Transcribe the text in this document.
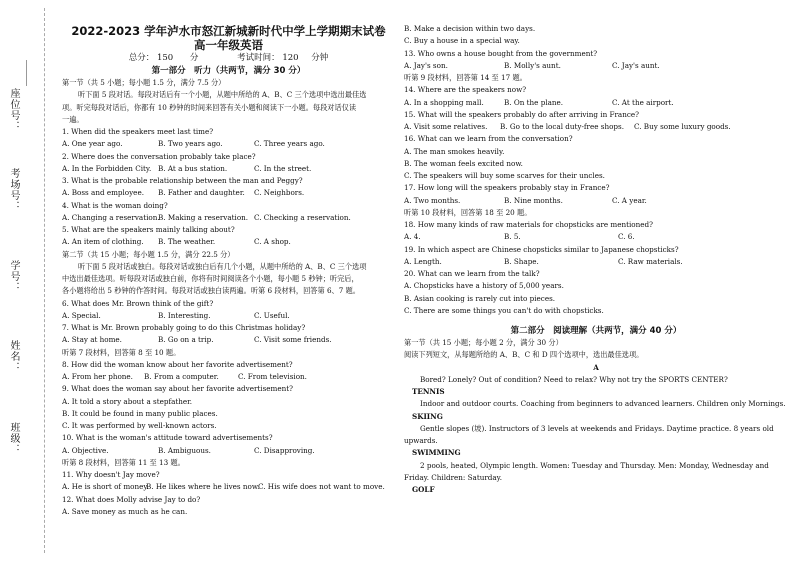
座位号：
考场号：
学号：
姓名：
班级：
2022-2023 学年泸水市怒江新城新时代中学上学期期末试卷
高一年级英语
总分： 150 分	考试时间： 120 分钟
第一部分　听力（共两节，满分 30 分）
第一节（共 5 小题；每小题 1.5 分，满分 7.5 分）
听下面 5 段对话。每段对话后有一个小题，从题中所给的 A、B、C 三个选项中选出最佳选
项。听完每段对话后，你都有 10 秒钟的时间来回答有关小题和阅读下一小题。每段对话仅读
一遍。
1. When did the speakers meet last time?
A. One year ago.	B. Two years ago.	C. Three years ago.
2. Where does the conversation probably take place?
A. In the Forbidden City. B. At a bus station.	C. In the street.
3. What is the probable relationship between the man and Peggy?
A. Boss and employee.	B. Father and daughter.	C. Neighbors.
4. What is the woman doing?
A. Changing a reservation.
B. Making a reservation. C. Checking a reservation.
5. What are the speakers mainly talking about?
A. An item of clothing.	B. The weather.	C. A shop.
第二节（共 15 小题；每小题 1.5 分，满分 22.5 分）
听下面 5 段对话或独白。每段对话或独白后有几个小题，从题中所给的 A、B、C 三个选项
中选出最佳选项。听每段对话或独白前，你将有时间阅读各个小题，每小题 5 秒钟；听完后，
各小题将给出 5 秒钟的作答时间。每段对话或独白读两遍。听第 6 段材料，回答第 6、7 题。
6. What does Mr. Brown think of the gift?
A. Special.	B. Interesting.	C. Useful.
7. What is Mr. Brown probably going to do this Christmas holiday?
A. Stay at home.	B. Go on a trip.	C. Visit some friends.
听第 7 段材料，回答第 8 至 10 题。
8. How did the woman know about her favorite advertisement?
A. From her phone.	B. From a computer.	C. From television.
9. What does the woman say about her favorite advertisement?
A. It told a story about a stepfather.
B. It could be found in many public places.
C. It was performed by well-known actors.
10. What is the woman's attitude toward advertisements?
A. Objective.	B. Ambiguous.	C. Disapproving.
听第 8 段材料，回答第 11 至 13 题。
11. Why doesn't Jay move?
A. He is short of money.
B. He likes where he lives now.
C. His wife does not want to move.
12. What does Molly advise Jay to do?
A. Save money as much as he can.
B. Make a decision within two days.
C. Buy a house in a special way.
13. Who owns a house bought from the government?
A. Jay's son.	B. Molly's aunt.	C. Jay's aunt.
听第 9 段材料，回答第 14 至 17 题。
14. Where are the speakers now?
A. In a shopping mall.	B. On the plane.	C. At the airport.
15. What will the speakers probably do after arriving in France?
A. Visit some relatives.	B. Go to the local duty-free shops.	C. Buy some luxury goods.
16. What can we learn from the conversation?
A. The man smokes heavily.
B. The woman feels excited now.
C. The speakers will buy some scarves for their uncles.
17. How long will the speakers probably stay in France?
A. Two months.	B. Nine months.	C. A year.
听第 10 段材料，回答第 18 至 20 题。
18. How many kinds of raw materials for chopsticks are mentioned?
A. 4.	B. 5.	C. 6.
19. In which aspect are Chinese chopsticks similar to Japanese chopsticks?
A. Length.	B. Shape.	C. Raw materials.
20. What can we learn from the talk?
A. Chopsticks have a history of 5,000 years.
B. Asian cooking is rarely cut into pieces.
C. There are some things you can't do with chopsticks.
第二部分　阅读理解（共两节，满分 40 分）
第一节（共 15 小题；每小题 2 分，满分 30 分）
阅读下列短文，从每题所给的 A、B、C 和 D 四个选项中，选出最佳选项。
A
Bored? Lonely? Out of condition? Need to relax? Why not try the SPORTS CENTER?
TENNIS
Indoor and outdoor courts. Coaching from beginners to advanced learners. Children only Mornings.
SKIING
Gentle slopes (坡). Instructors of 3 levels at weekends and Fridays. Daytime practice. 8 years old upwards.
SWIMMING
2 pools, heated, Olympic length. Women: Tuesday and Thursday. Men: Monday, Wednesday and Friday. Children: Saturday.
GOLF
